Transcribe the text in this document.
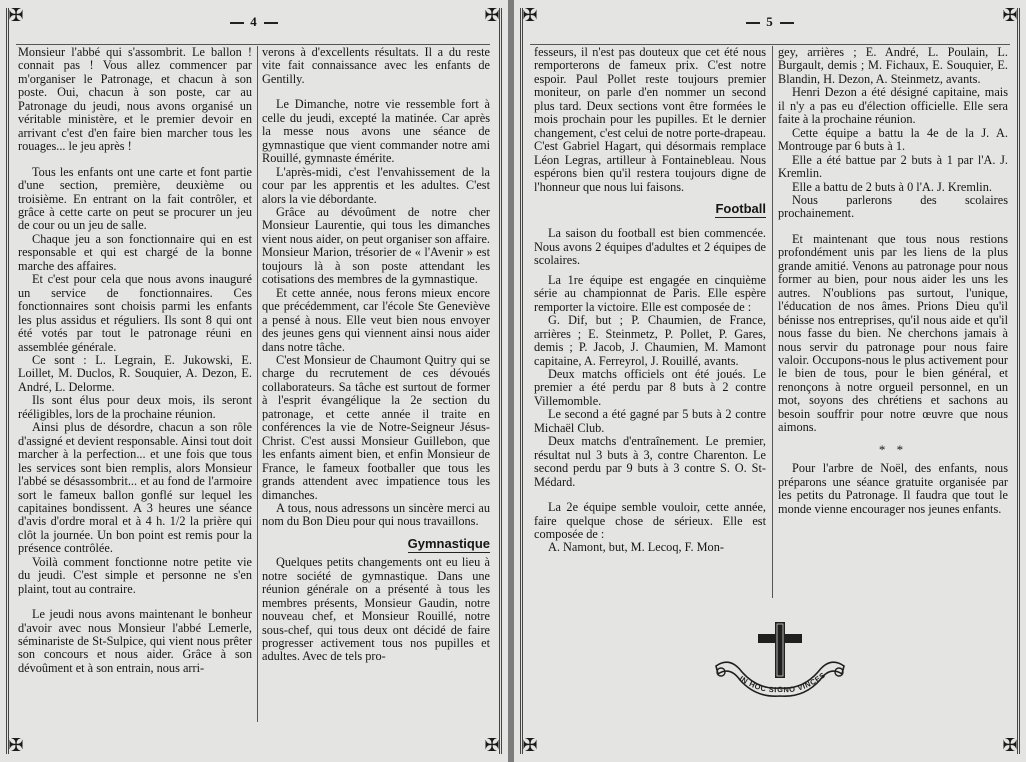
✠	✠
✠	✠
4

Monsieur l'abbé qui s'assombrit. Le ballon ! connait pas ! Vous allez commencer par m'organiser le Patronage, et chacun à son poste. Oui, chacun à son poste, car au Patronage du jeudi, nous avons organisé un véritable ministère, et le premier devoir en arrivant c'est d'en faire bien marcher tous les rouages... le jeu après !

Tous les enfants ont une carte et font partie d'une section, première, deuxième ou troisième. En entrant on la fait contrôler, et grâce à cette carte on peut se procurer un jeu de cour ou un jeu de salle.

Chaque jeu a son fonctionnaire qui en est responsable et qui est chargé de la bonne marche des affaires.

Et c'est pour cela que nous avons inauguré un service de fonctionnaires. Ces fonctionnaires sont choisis parmi les enfants les plus assidus et réguliers. Ils sont 8 qui ont été votés par tout le patronage réuni en assemblée générale.

Ce sont : L. Legrain, E. Jukowski, E. Loillet, M. Duclos, R. Souquier, A. Dezon, E. André, L. Delorme.

Ils sont élus pour deux mois, ils seront rééligibles, lors de la prochaine réunion.

Ainsi plus de désordre, chacun a son rôle d'assigné et devient responsable. Ainsi tout doit marcher à la perfection... et une fois que tous les services sont bien remplis, alors Monsieur l'abbé se désassombrit... et au fond de l'armoire sort le fameux ballon gonflé sur lequel les capitaines bondissent. A 3 heures une séance d'avis d'ordre moral et à 4 h. 1/2 la prière qui clôt la journée. Un bon point est remis pour la présence contrôlée.

Voilà comment fonctionne notre petite vie du jeudi. C'est simple et personne ne s'en plaint, tout au contraire.

Le jeudi nous avons maintenant le bonheur d'avoir avec nous Monsieur l'abbé Lemerle, séminariste de St-Sulpice, qui vient nous prêter son concours et nous aider. Grâce à son dévoûment et à son entrain, nous arri-

verons à d'excellents résultats. Il a du reste vite fait connaissance avec les enfants de Gentilly.

Le Dimanche, notre vie ressemble fort à celle du jeudi, excepté la matinée. Car après la messe nous avons une séance de gymnastique que vient commander notre ami Rouillé, gymnaste émérite.

L'après-midi, c'est l'envahissement de la cour par les apprentis et les adultes. C'est alors la vie débordante.

Grâce au dévoûment de notre cher Monsieur Laurentie, qui tous les dimanches vient nous aider, on peut organiser son affaire. Monsieur Marion, trésorier de « l'Avenir » est toujours là à son poste attendant les cotisations des membres de la gymnastique.

Et cette année, nous ferons mieux encore que précédemment, car l'école Ste Geneviève a pensé à nous. Elle veut bien nous envoyer des jeunes gens qui viennent ainsi nous aider dans notre tâche.

C'est Monsieur de Chaumont Quitry qui se charge du recrutement de ces dévoués collaborateurs. Sa tâche est surtout de former à l'esprit évangélique la 2e section du patronage, et cette année il traite en conférences la vie de Notre-Seigneur Jésus-Christ. C'est aussi Monsieur Guillebon, que les enfants aiment bien, et enfin Monsieur de France, le fameux footballer que tous les grands attendent avec impatience tous les dimanches.

A tous, nous adressons un sincère merci au nom du Bon Dieu pour qui nous travaillons.

Gymnastique

Quelques petits changements ont eu lieu à notre société de gymnastique. Dans une réunion générale on a présenté à tous les membres présents, Monsieur Gaudin, notre nouveau chef, et Monsieur Rouillé, notre sous-chef, qui tous deux ont décidé de faire progresser activement tous nos pupilles et adultes. Avec de tels pro-

✠	✠
✠	✠
5

fesseurs, il n'est pas douteux que cet été nous remporterons de fameux prix. C'est notre espoir. Paul Pollet reste toujours premier moniteur, on parle d'en nommer un second plus tard. Deux sections vont être formées le mois prochain pour les pupilles. Et le dernier changement, c'est celui de notre porte-drapeau. C'est Gabriel Hagart, qui désormais remplace Léon Legras, artilleur à Fontainebleau. Nous espérons bien qu'il restera toujours digne de l'honneur que nous lui faisons.

Football

La saison du football est bien commencée. Nous avons 2 équipes d'adultes et 2 équipes de scolaires.

La 1re équipe est engagée en cinquième série au championnat de Paris. Elle espère remporter la victoire. Elle est composée de :

G. Dif, but ; P. Chaumien, de France, arrières ; E. Steinmetz, P. Pollet, P. Gares, demis ; P. Jacob, J. Chaumien, M. Mamont capitaine, A. Ferreyrol, J. Rouillé, avants.

Deux matchs officiels ont été joués. Le premier a été perdu par 8 buts à 2 contre Villemomble.

Le second a été gagné par 5 buts à 2 contre Michaël Club.

Deux matchs d'entraînement. Le premier, résultat nul 3 buts à 3, contre Charenton. Le second perdu par 9 buts à 3 contre S. O. St-Médard.

La 2e équipe semble vouloir, cette année, faire quelque chose de sérieux. Elle est composée de :

A. Namont, but, M. Lecoq, F. Mon-

gey, arrières ; E. André, L. Poulain, L. Burgault, demis ; M. Fichaux, E. Souquier, E. Blandin, H. Dezon, A. Steinmetz, avants.

Henri Dezon a été désigné capitaine, mais il n'y a pas eu d'élection officielle. Elle sera faite à la prochaine réunion.

Cette équipe a battu la 4e de la J. A. Montrouge par 6 buts à 1.

Elle a été battue par 2 buts à 1 par l'A. J. Kremlin.

Elle a battu de 2 buts à 0 l'A. J. Kremlin.

Nous parlerons des scolaires prochainement.

Et maintenant que tous nous restions profondément unis par les liens de la plus grande amitié. Venons au patronage pour nous former au bien, pour nous aider les uns les autres. N'oublions pas surtout, l'unique, l'éducation de nos âmes. Prions Dieu qu'il bénisse nos entreprises, qu'il nous aide et qu'il nous fasse du bien. Ne cherchons jamais à nous servir du patronage pour nous faire valoir. Occupons-nous le plus activement pour le bien de tous, pour le bien général, et renonçons à notre orgueil personnel, en un mot, soyons des chrétiens et sachons au besoin souffrir pour notre œuvre que nous aimons.

* *

Pour l'arbre de Noël, des enfants, nous préparons une séance gratuite organisée par les petits du Patronage. Il faudra que tout le monde vienne encourager nos jeunes enfants.

IN HOC SIGNO VINCES
